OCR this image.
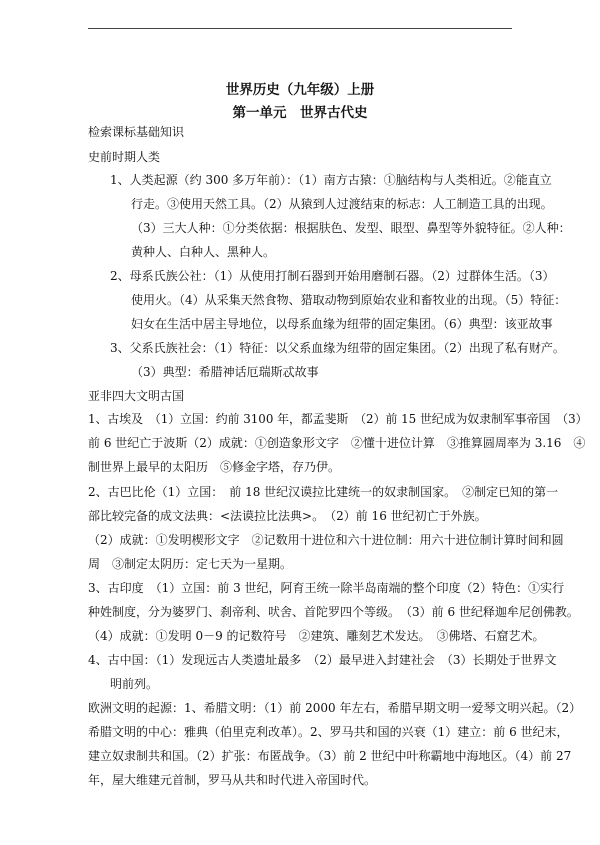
世界历史（九年级）上册
第一单元　世界古代史
检索课标基础知识
史前时期人类
1、人类起源（约 300 多万年前）：（1）南方古猿：①脑结构与人类相近。②能直立
行走。③使用天然工具。（2）从猿到人过渡结束的标志：人工制造工具的出现。
（3）三大人种：①分类依据：根据肤色、发型、眼型、鼻型等外貌特征。②人种：
黄种人、白种人、黑种人。
2、母系氏族公社：（1）从使用打制石器到开始用磨制石器。（2）过群体生活。（3）
使用火。（4）从采集天然食物、猎取动物到原始农业和畜牧业的出现。（5）特征：
妇女在生活中居主导地位，以母系血缘为纽带的固定集团。（6）典型：该亚故事
3、父系氏族社会：（1）特征：以父系血缘为纽带的固定集团。（2）出现了私有财产。
（3）典型：希腊神话厄瑞斯忒故事
亚非四大文明古国
1、古埃及　（1）立国：约前 3100 年，都孟斐斯　（2）前 15 世纪成为奴隶制军事帝国　（3）
前 6 世纪亡于波斯（2）成就：①创造象形文字　②懂十进位计算　③推算圆周率为 3.16　④
制世界上最早的太阳历　⑤修金字塔，存乃伊。
2、古巴比伦（1）立国：　前 18 世纪汉谟拉比建统一的奴隶制国家。　②制定已知的第一
部比较完备的成文法典：<法谟拉比法典>。　（2）前 16 世纪初亡于外族。
（2）成就：①发明楔形文字　②记数用十进位和六十进位制：用六十进位制计算时间和圆
周　③制定太阴历：定七天为一星期。
3、古印度　（1）立国：前 3 世纪，阿育王统一除半岛南端的整个印度（2）特色：①实行
种姓制度，分为婆罗门、刹帝利、吠舍、首陀罗四个等级。　（3）前 6 世纪释迦牟尼创佛教。
（4）成就：①发明 0－9 的记数符号　②建筑、雕刻艺术发达。　③佛塔、石窟艺术。
4、古中国：（1）发现远古人类遗址最多　（2）最早进入封建社会　（3）长期处于世界文
明前列。
欧洲文明的起源：1、希腊文明：（1）前 2000 年左右，希腊早期文明一爱琴文明兴起。（2）
希腊文明的中心：雅典（伯里克利改革）。2、罗马共和国的兴衰（1）建立：前 6 世纪末，
建立奴隶制共和国。（2）扩张：布匿战争。（3）前 2 世纪中叶称霸地中海地区。（4）前 27
年，屋大维建元首制，罗马从共和时代进入帝国时代。
